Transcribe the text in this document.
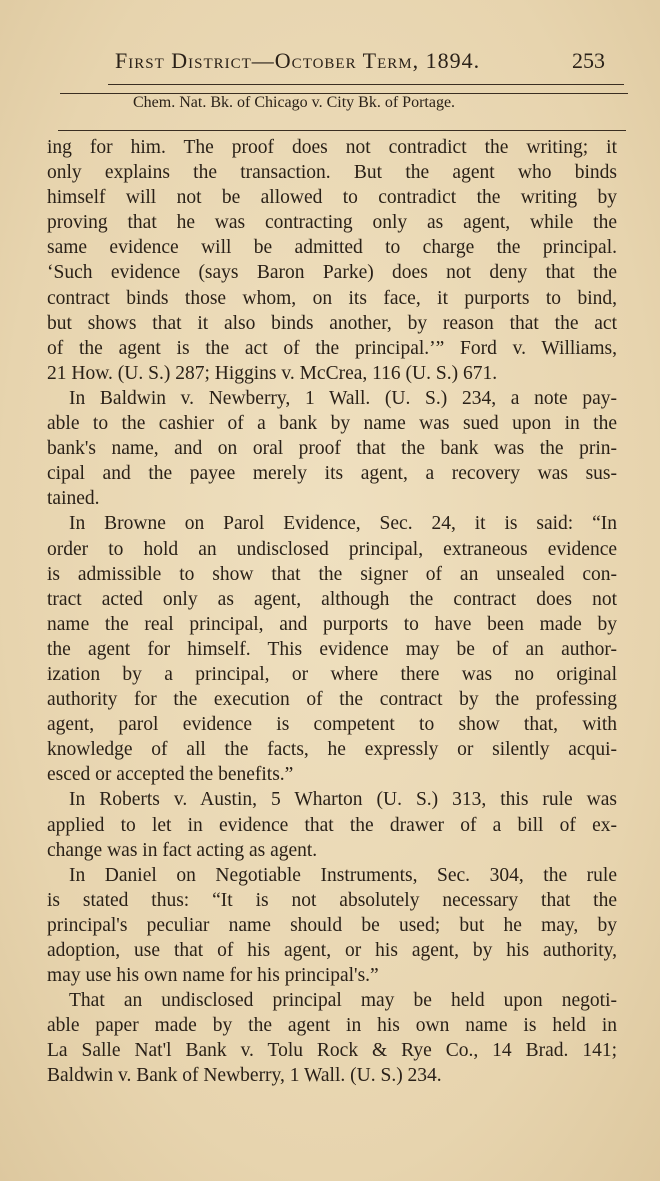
First District—October Term, 1894.	253
Chem. Nat. Bk. of Chicago v. City Bk. of Portage.
ing for him. The proof does not contradict the writing; it
only explains the transaction. But the agent who binds
himself will not be allowed to contradict the writing by
proving that he was contracting only as agent, while the
same evidence will be admitted to charge the principal.
‘Such evidence (says Baron Parke) does not deny that the
contract binds those whom, on its face, it purports to bind,
but shows that it also binds another, by reason that the act
of the agent is the act of the principal.’” Ford v. Williams,
21 How. (U. S.) 287; Higgins v. McCrea, 116 (U. S.) 671.
In Baldwin v. Newberry, 1 Wall. (U. S.) 234, a note pay-
able to the cashier of a bank by name was sued upon in the
bank's name, and on oral proof that the bank was the prin-
cipal and the payee merely its agent, a recovery was sus-
tained.
In Browne on Parol Evidence, Sec. 24, it is said: “In
order to hold an undisclosed principal, extraneous evidence
is admissible to show that the signer of an unsealed con-
tract acted only as agent, although the contract does not
name the real principal, and purports to have been made by
the agent for himself. This evidence may be of an author-
ization by a principal, or where there was no original
authority for the execution of the contract by the professing
agent, parol evidence is competent to show that, with
knowledge of all the facts, he expressly or silently acqui-
esced or accepted the benefits.”
In Roberts v. Austin, 5 Wharton (U. S.) 313, this rule was
applied to let in evidence that the drawer of a bill of ex-
change was in fact acting as agent.
In Daniel on Negotiable Instruments, Sec. 304, the rule
is stated thus: “It is not absolutely necessary that the
principal's peculiar name should be used; but he may, by
adoption, use that of his agent, or his agent, by his authority,
may use his own name for his principal's.”
That an undisclosed principal may be held upon negoti-
able paper made by the agent in his own name is held in
La Salle Nat'l Bank v. Tolu Rock & Rye Co., 14 Brad. 141;
Baldwin v. Bank of Newberry, 1 Wall. (U. S.) 234.
